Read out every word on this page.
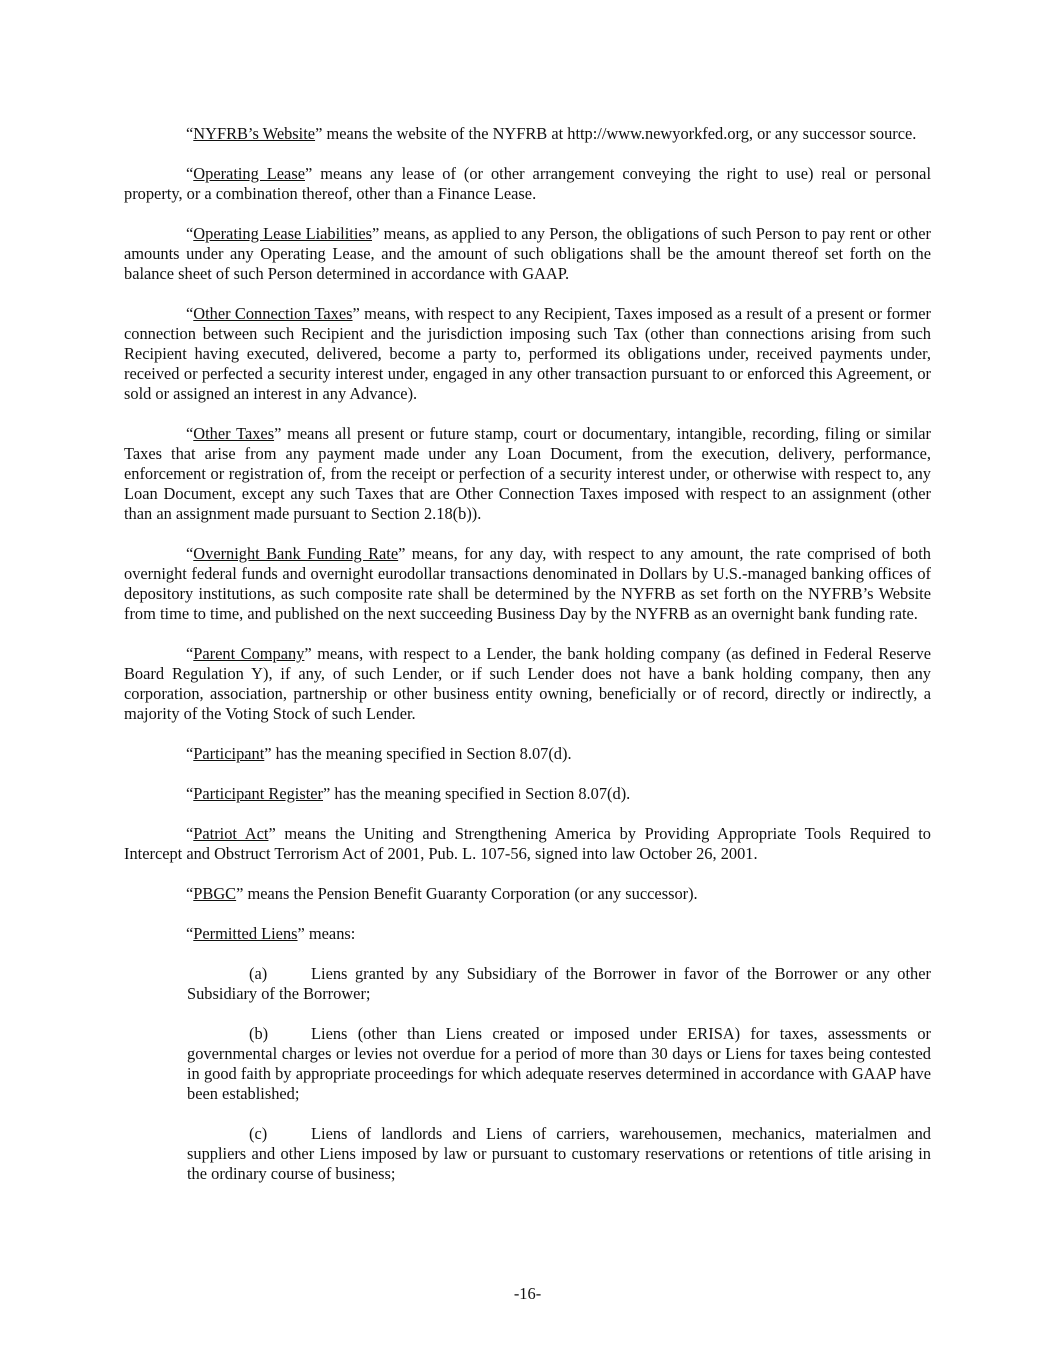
“NYFRB’s Website” means the website of the NYFRB at http://www.newyorkfed.org, or any successor source.

“Operating Lease” means any lease of (or other arrangement conveying the right to use) real or personal property, or a combination thereof, other than a Finance Lease.

“Operating Lease Liabilities” means, as applied to any Person, the obligations of such Person to pay rent or other amounts under any Operating Lease, and the amount of such obligations shall be the amount thereof set forth on the balance sheet of such Person determined in accordance with GAAP.

“Other Connection Taxes” means, with respect to any Recipient, Taxes imposed as a result of a present or former connection between such Recipient and the jurisdiction imposing such Tax (other than connections arising from such Recipient having executed, delivered, become a party to, performed its obligations under, received payments under, received or perfected a security interest under, engaged in any other transaction pursuant to or enforced this Agreement, or sold or assigned an interest in any Advance).

“Other Taxes” means all present or future stamp, court or documentary, intangible, recording, filing or similar Taxes that arise from any payment made under any Loan Document, from the execution, delivery, performance, enforcement or registration of, from the receipt or perfection of a security interest under, or otherwise with respect to, any Loan Document, except any such Taxes that are Other Connection Taxes imposed with respect to an assignment (other than an assignment made pursuant to Section 2.18(b)).

“Overnight Bank Funding Rate” means, for any day, with respect to any amount, the rate comprised of both overnight federal funds and overnight eurodollar transactions denominated in Dollars by U.S.-managed banking offices of depository institutions, as such composite rate shall be determined by the NYFRB as set forth on the NYFRB’s Website from time to time, and published on the next succeeding Business Day by the NYFRB as an overnight bank funding rate.

“Parent Company” means, with respect to a Lender, the bank holding company (as defined in Federal Reserve Board Regulation Y), if any, of such Lender, or if such Lender does not have a bank holding company, then any corporation, association, partnership or other business entity owning, beneficially or of record, directly or indirectly, a majority of the Voting Stock of such Lender.

“Participant” has the meaning specified in Section 8.07(d).

“Participant Register” has the meaning specified in Section 8.07(d).

“Patriot Act” means the Uniting and Strengthening America by Providing Appropriate Tools Required to Intercept and Obstruct Terrorism Act of 2001, Pub. L. 107-56, signed into law October 26, 2001.

“PBGC” means the Pension Benefit Guaranty Corporation (or any successor).

“Permitted Liens” means:

(a)	Liens granted by any Subsidiary of the Borrower in favor of the Borrower or any other Subsidiary of the Borrower;

(b)	Liens (other than Liens created or imposed under ERISA) for taxes, assessments or governmental charges or levies not overdue for a period of more than 30 days or Liens for taxes being contested in good faith by appropriate proceedings for which adequate reserves determined in accordance with GAAP have been established;

(c)	Liens of landlords and Liens of carriers, warehousemen, mechanics, materialmen and suppliers and other Liens imposed by law or pursuant to customary reservations or retentions of title arising in the ordinary course of business;

-16-
